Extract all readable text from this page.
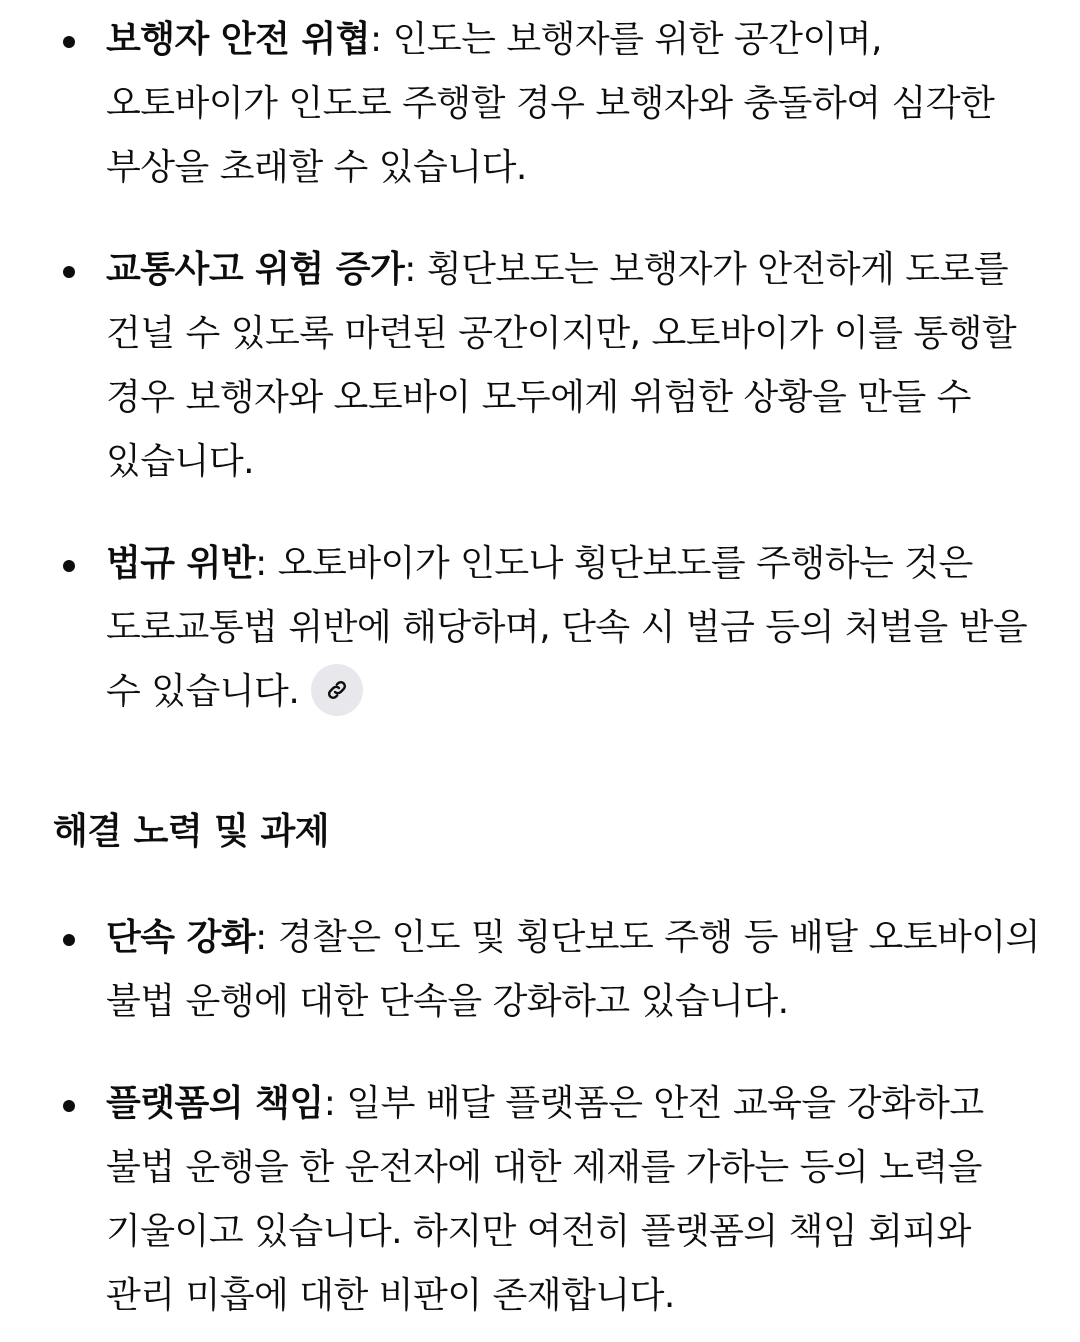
보행자 안전 위협: 인도는 보행자를 위한 공간이며, 오토바이가 인도로 주행할 경우 보행자와 충돌하여 심각한 부상을 초래할 수 있습니다.
교통사고 위험 증가: 횡단보도는 보행자가 안전하게 도로를 건널 수 있도록 마련된 공간이지만, 오토바이가 이를 통행할 경우 보행자와 오토바이 모두에게 위험한 상황을 만들 수 있습니다.
법규 위반: 오토바이가 인도나 횡단보도를 주행하는 것은 도로교통법 위반에 해당하며, 단속 시 벌금 등의 처벌을 받을 수 있습니다.
해결 노력 및 과제
단속 강화: 경찰은 인도 및 횡단보도 주행 등 배달 오토바이의 불법 운행에 대한 단속을 강화하고 있습니다.
플랫폼의 책임: 일부 배달 플랫폼은 안전 교육을 강화하고 불법 운행을 한 운전자에 대한 제재를 가하는 등의 노력을 기울이고 있습니다. 하지만 여전히 플랫폼의 책임 회피와 관리 미흡에 대한 비판이 존재합니다.
